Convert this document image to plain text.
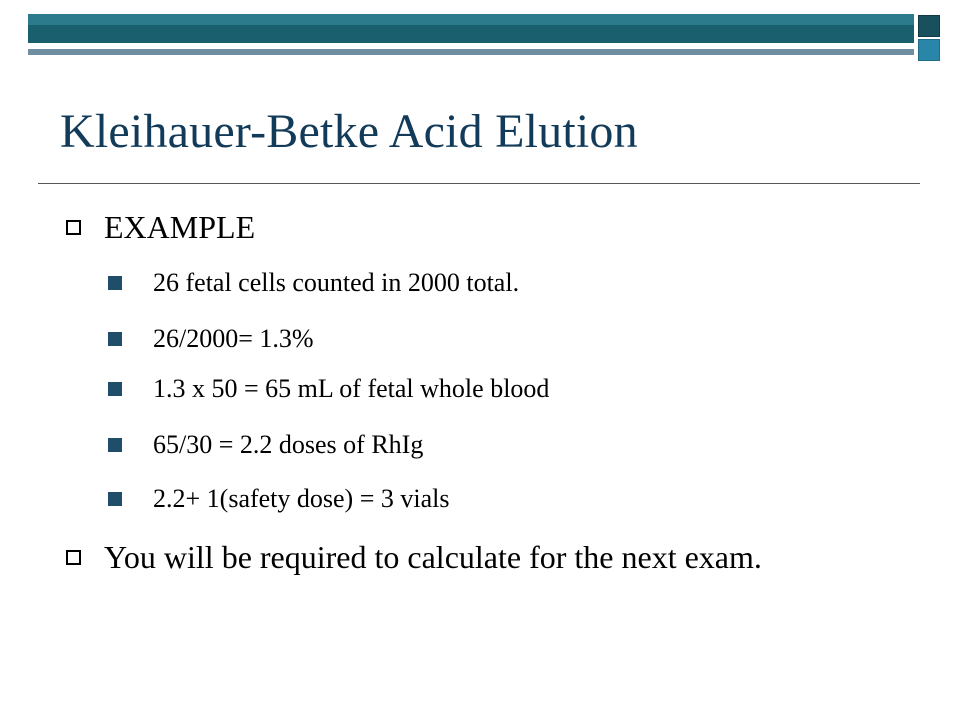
Kleihauer-Betke Acid Elution
EXAMPLE
26 fetal cells counted in 2000 total.
26/2000= 1.3%
1.3 x 50 = 65 mL of fetal whole blood
65/30 = 2.2 doses of RhIg
2.2+ 1(safety dose) = 3 vials
You will be required to calculate for the next exam.
